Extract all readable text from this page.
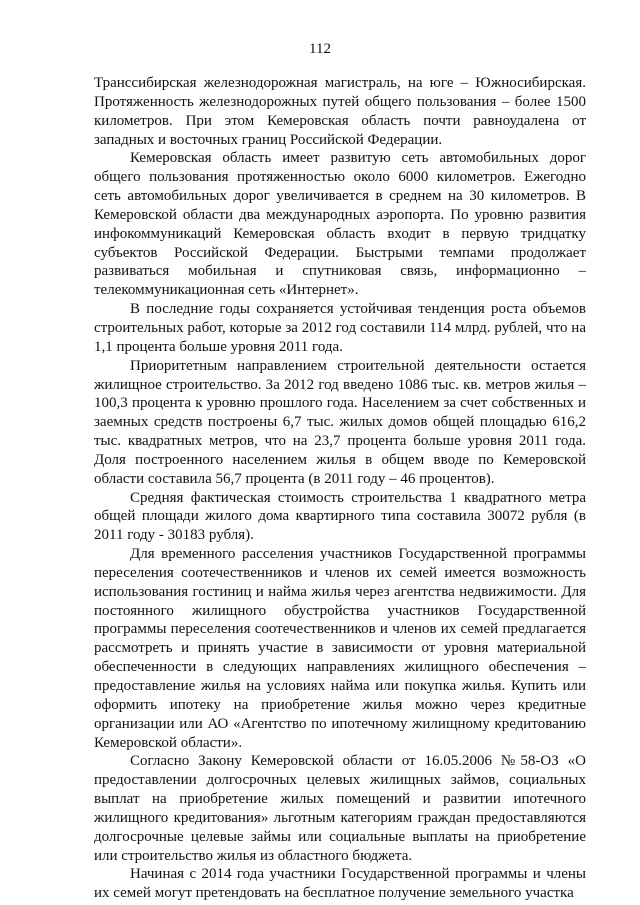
112

Транссибирская железнодорожная магистраль, на юге – Южносибирская. Протяженность железнодорожных путей общего пользования – более 1500 километров. При этом Кемеровская область почти равноудалена от западных и восточных границ Российской Федерации.

Кемеровская область имеет развитую сеть автомобильных дорог общего пользования протяженностью около 6000 километров. Ежегодно сеть автомобильных дорог увеличивается в среднем на 30 километров. В Кемеровской области два международных аэропорта. По уровню развития инфокоммуникаций Кемеровская область входит в первую тридцатку субъектов Российской Федерации. Быстрыми темпами продолжает развиваться мобильная и спутниковая связь, информационно – телекоммуникационная сеть «Интернет».

В последние годы сохраняется устойчивая тенденция роста объемов строительных работ, которые за 2012 год составили 114 млрд. рублей, что на 1,1 процента больше уровня 2011 года.

Приоритетным направлением строительной деятельности остается жилищное строительство. За 2012 год введено 1086 тыс. кв. метров жилья – 100,3 процента к уровню прошлого года. Населением за счет собственных и заемных средств построены 6,7 тыс. жилых домов общей площадью 616,2 тыс. квадратных метров, что на 23,7 процента больше уровня 2011 года. Доля построенного населением жилья в общем вводе по Кемеровской области составила 56,7 процента (в 2011 году – 46 процентов).

Средняя фактическая стоимость строительства 1 квадратного метра общей площади жилого дома квартирного типа составила 30072 рубля (в 2011 году - 30183 рубля).

Для временного расселения участников Государственной программы переселения соотечественников и членов их семей имеется возможность использования гостиниц и найма жилья через агентства недвижимости. Для постоянного жилищного обустройства участников Государственной программы переселения соотечественников и членов их семей предлагается рассмотреть и принять участие в зависимости от уровня материальной обеспеченности в следующих направлениях жилищного обеспечения – предоставление жилья на условиях найма или покупка жилья. Купить или оформить ипотеку на приобретение жилья можно через кредитные организации или АО «Агентство по ипотечному жилищному кредитованию Кемеровской области».

Согласно Закону Кемеровской области от 16.05.2006 №58-ОЗ «О предоставлении долгосрочных целевых жилищных займов, социальных выплат на приобретение жилых помещений и развитии ипотечного жилищного кредитования» льготным категориям граждан предоставляются долгосрочные целевые займы или социальные выплаты на приобретение или строительство жилья из областного бюджета.

Начиная с 2014 года участники Государственной программы и члены их семей могут претендовать на бесплатное получение земельного участка
